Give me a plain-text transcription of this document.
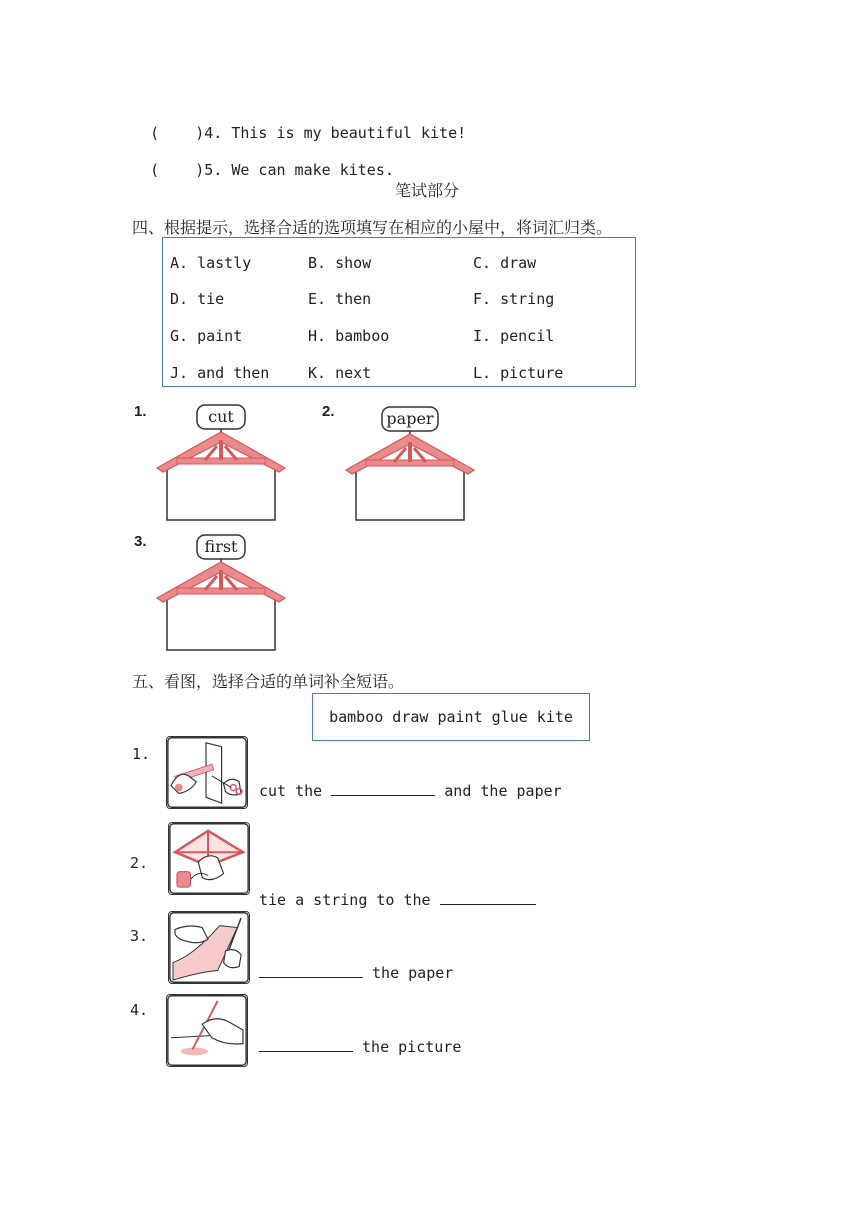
(    )4. This is my beautiful kite!

(    )5. We can make kites.

笔试部分
四、根据提示，选择合适的选项填写在相应的小屋中，将词汇归类。
A. lastly	B. show	C. draw
D. tie	E. then	F. string
G. paint	H. bamboo	I. pencil
J. and then	K. next	L. picture
1.	cut	2.	paper
3.	first
五、看图，选择合适的单词补全短语。
bamboo draw paint glue kite
1.
cut the	and the paper
2.
tie a string to the
3.
the paper
4.
the picture
